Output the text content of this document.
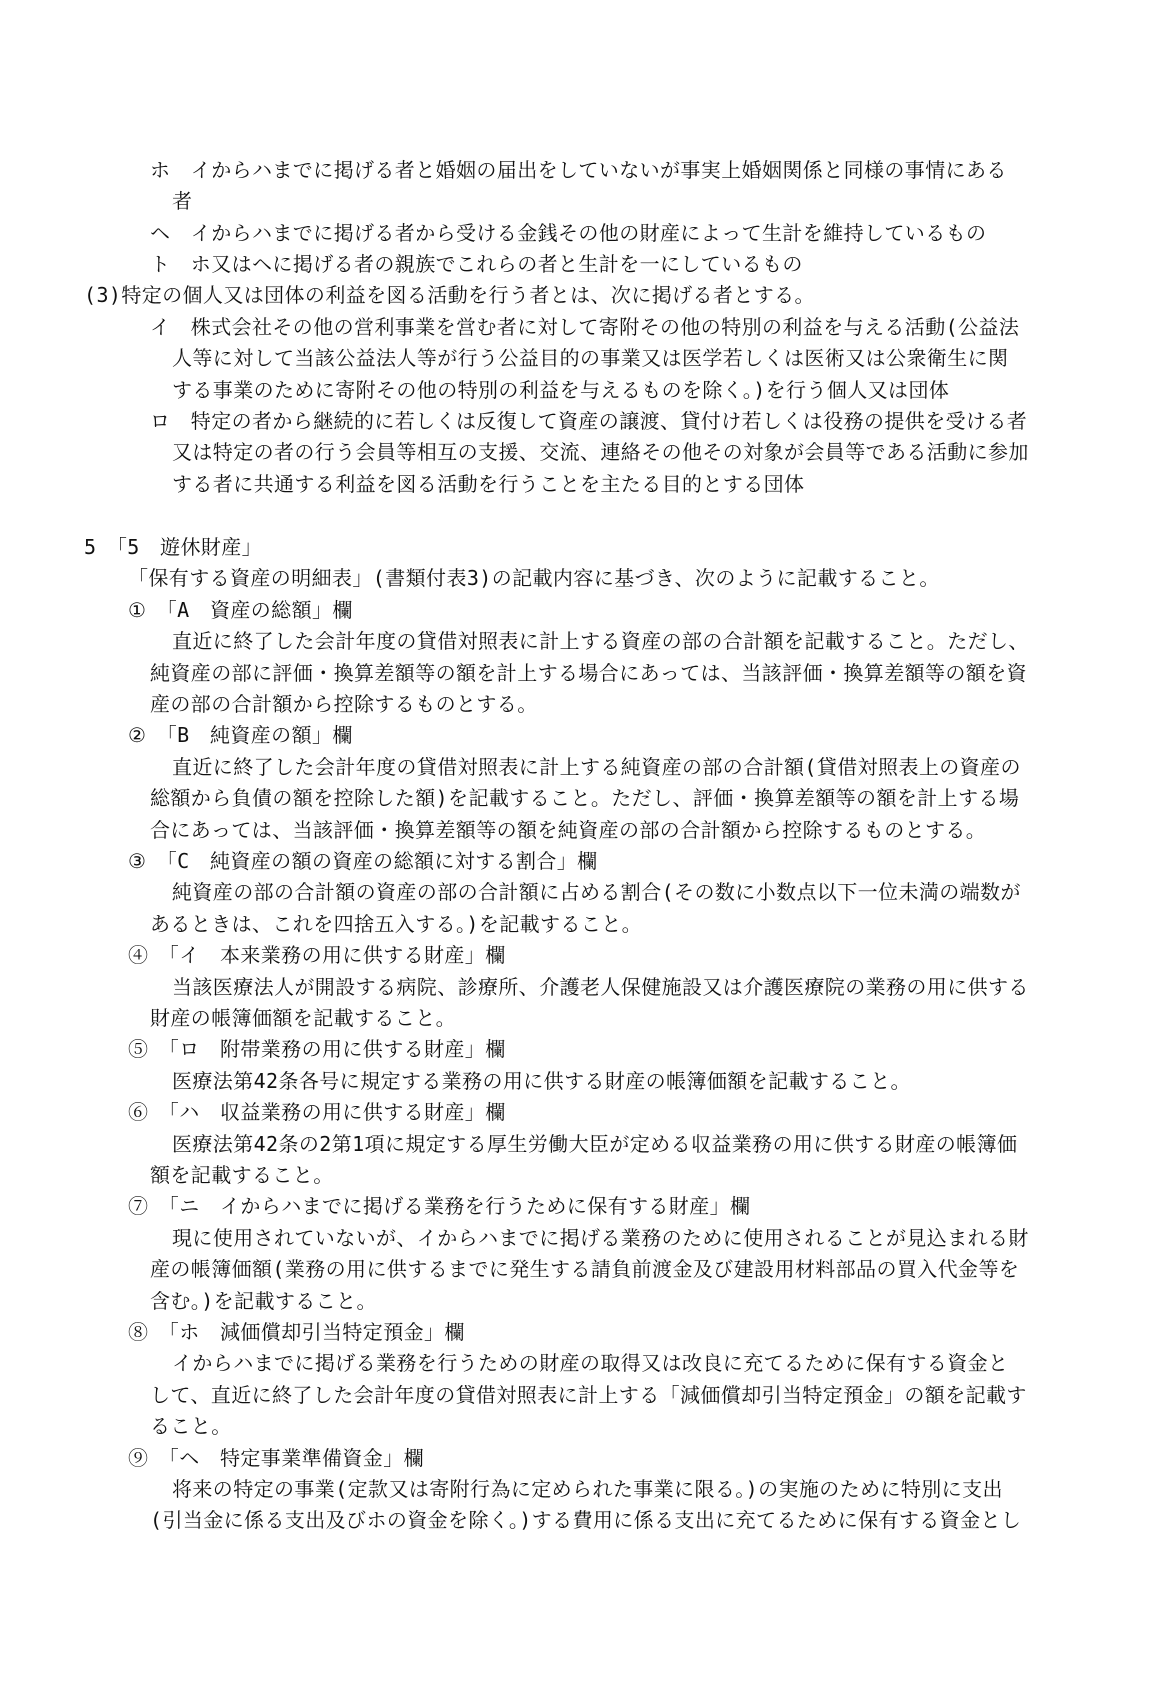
ホ　イからハまでに掲げる者と婚姻の届出をしていないが事実上婚姻関係と同様の事情にある
者
ヘ　イからハまでに掲げる者から受ける金銭その他の財産によって生計を維持しているもの
ト　ホ又はヘに掲げる者の親族でこれらの者と生計を一にしているもの
(3)特定の個人又は団体の利益を図る活動を行う者とは、次に掲げる者とする。
イ　株式会社その他の営利事業を営む者に対して寄附その他の特別の利益を与える活動(公益法
人等に対して当該公益法人等が行う公益目的の事業又は医学若しくは医術又は公衆衛生に関
する事業のために寄附その他の特別の利益を与えるものを除く。)を行う個人又は団体
ロ　特定の者から継続的に若しくは反復して資産の譲渡、貸付け若しくは役務の提供を受ける者
又は特定の者の行う会員等相互の支援、交流、連絡その他その対象が会員等である活動に参加
する者に共通する利益を図る活動を行うことを主たる目的とする団体
5　「5　遊休財産」
「保有する資産の明細表」(書類付表3)の記載内容に基づき、次のように記載すること。
①　「A　資産の総額」欄
直近に終了した会計年度の貸借対照表に計上する資産の部の合計額を記載すること。ただし、
純資産の部に評価・換算差額等の額を計上する場合にあっては、当該評価・換算差額等の額を資
産の部の合計額から控除するものとする。
②　「B　純資産の額」欄
直近に終了した会計年度の貸借対照表に計上する純資産の部の合計額(貸借対照表上の資産の
総額から負債の額を控除した額)を記載すること。ただし、評価・換算差額等の額を計上する場
合にあっては、当該評価・換算差額等の額を純資産の部の合計額から控除するものとする。
③　「C　純資産の額の資産の総額に対する割合」欄
純資産の部の合計額の資産の部の合計額に占める割合(その数に小数点以下一位未満の端数が
あるときは、これを四捨五入する。)を記載すること。
④　「イ　本来業務の用に供する財産」欄
当該医療法人が開設する病院、診療所、介護老人保健施設又は介護医療院の業務の用に供する
財産の帳簿価額を記載すること。
⑤　「ロ　附帯業務の用に供する財産」欄
医療法第42条各号に規定する業務の用に供する財産の帳簿価額を記載すること。
⑥　「ハ　収益業務の用に供する財産」欄
医療法第42条の2第1項に規定する厚生労働大臣が定める収益業務の用に供する財産の帳簿価
額を記載すること。
⑦　「ニ　イからハまでに掲げる業務を行うために保有する財産」欄
現に使用されていないが、イからハまでに掲げる業務のために使用されることが見込まれる財
産の帳簿価額(業務の用に供するまでに発生する請負前渡金及び建設用材料部品の買入代金等を
含む。)を記載すること。
⑧　「ホ　減価償却引当特定預金」欄
イからハまでに掲げる業務を行うための財産の取得又は改良に充てるために保有する資金と
して、直近に終了した会計年度の貸借対照表に計上する「減価償却引当特定預金」の額を記載す
ること。
⑨　「ヘ　特定事業準備資金」欄
将来の特定の事業(定款又は寄附行為に定められた事業に限る。)の実施のために特別に支出
(引当金に係る支出及びホの資金を除く。)する費用に係る支出に充てるために保有する資金とし
